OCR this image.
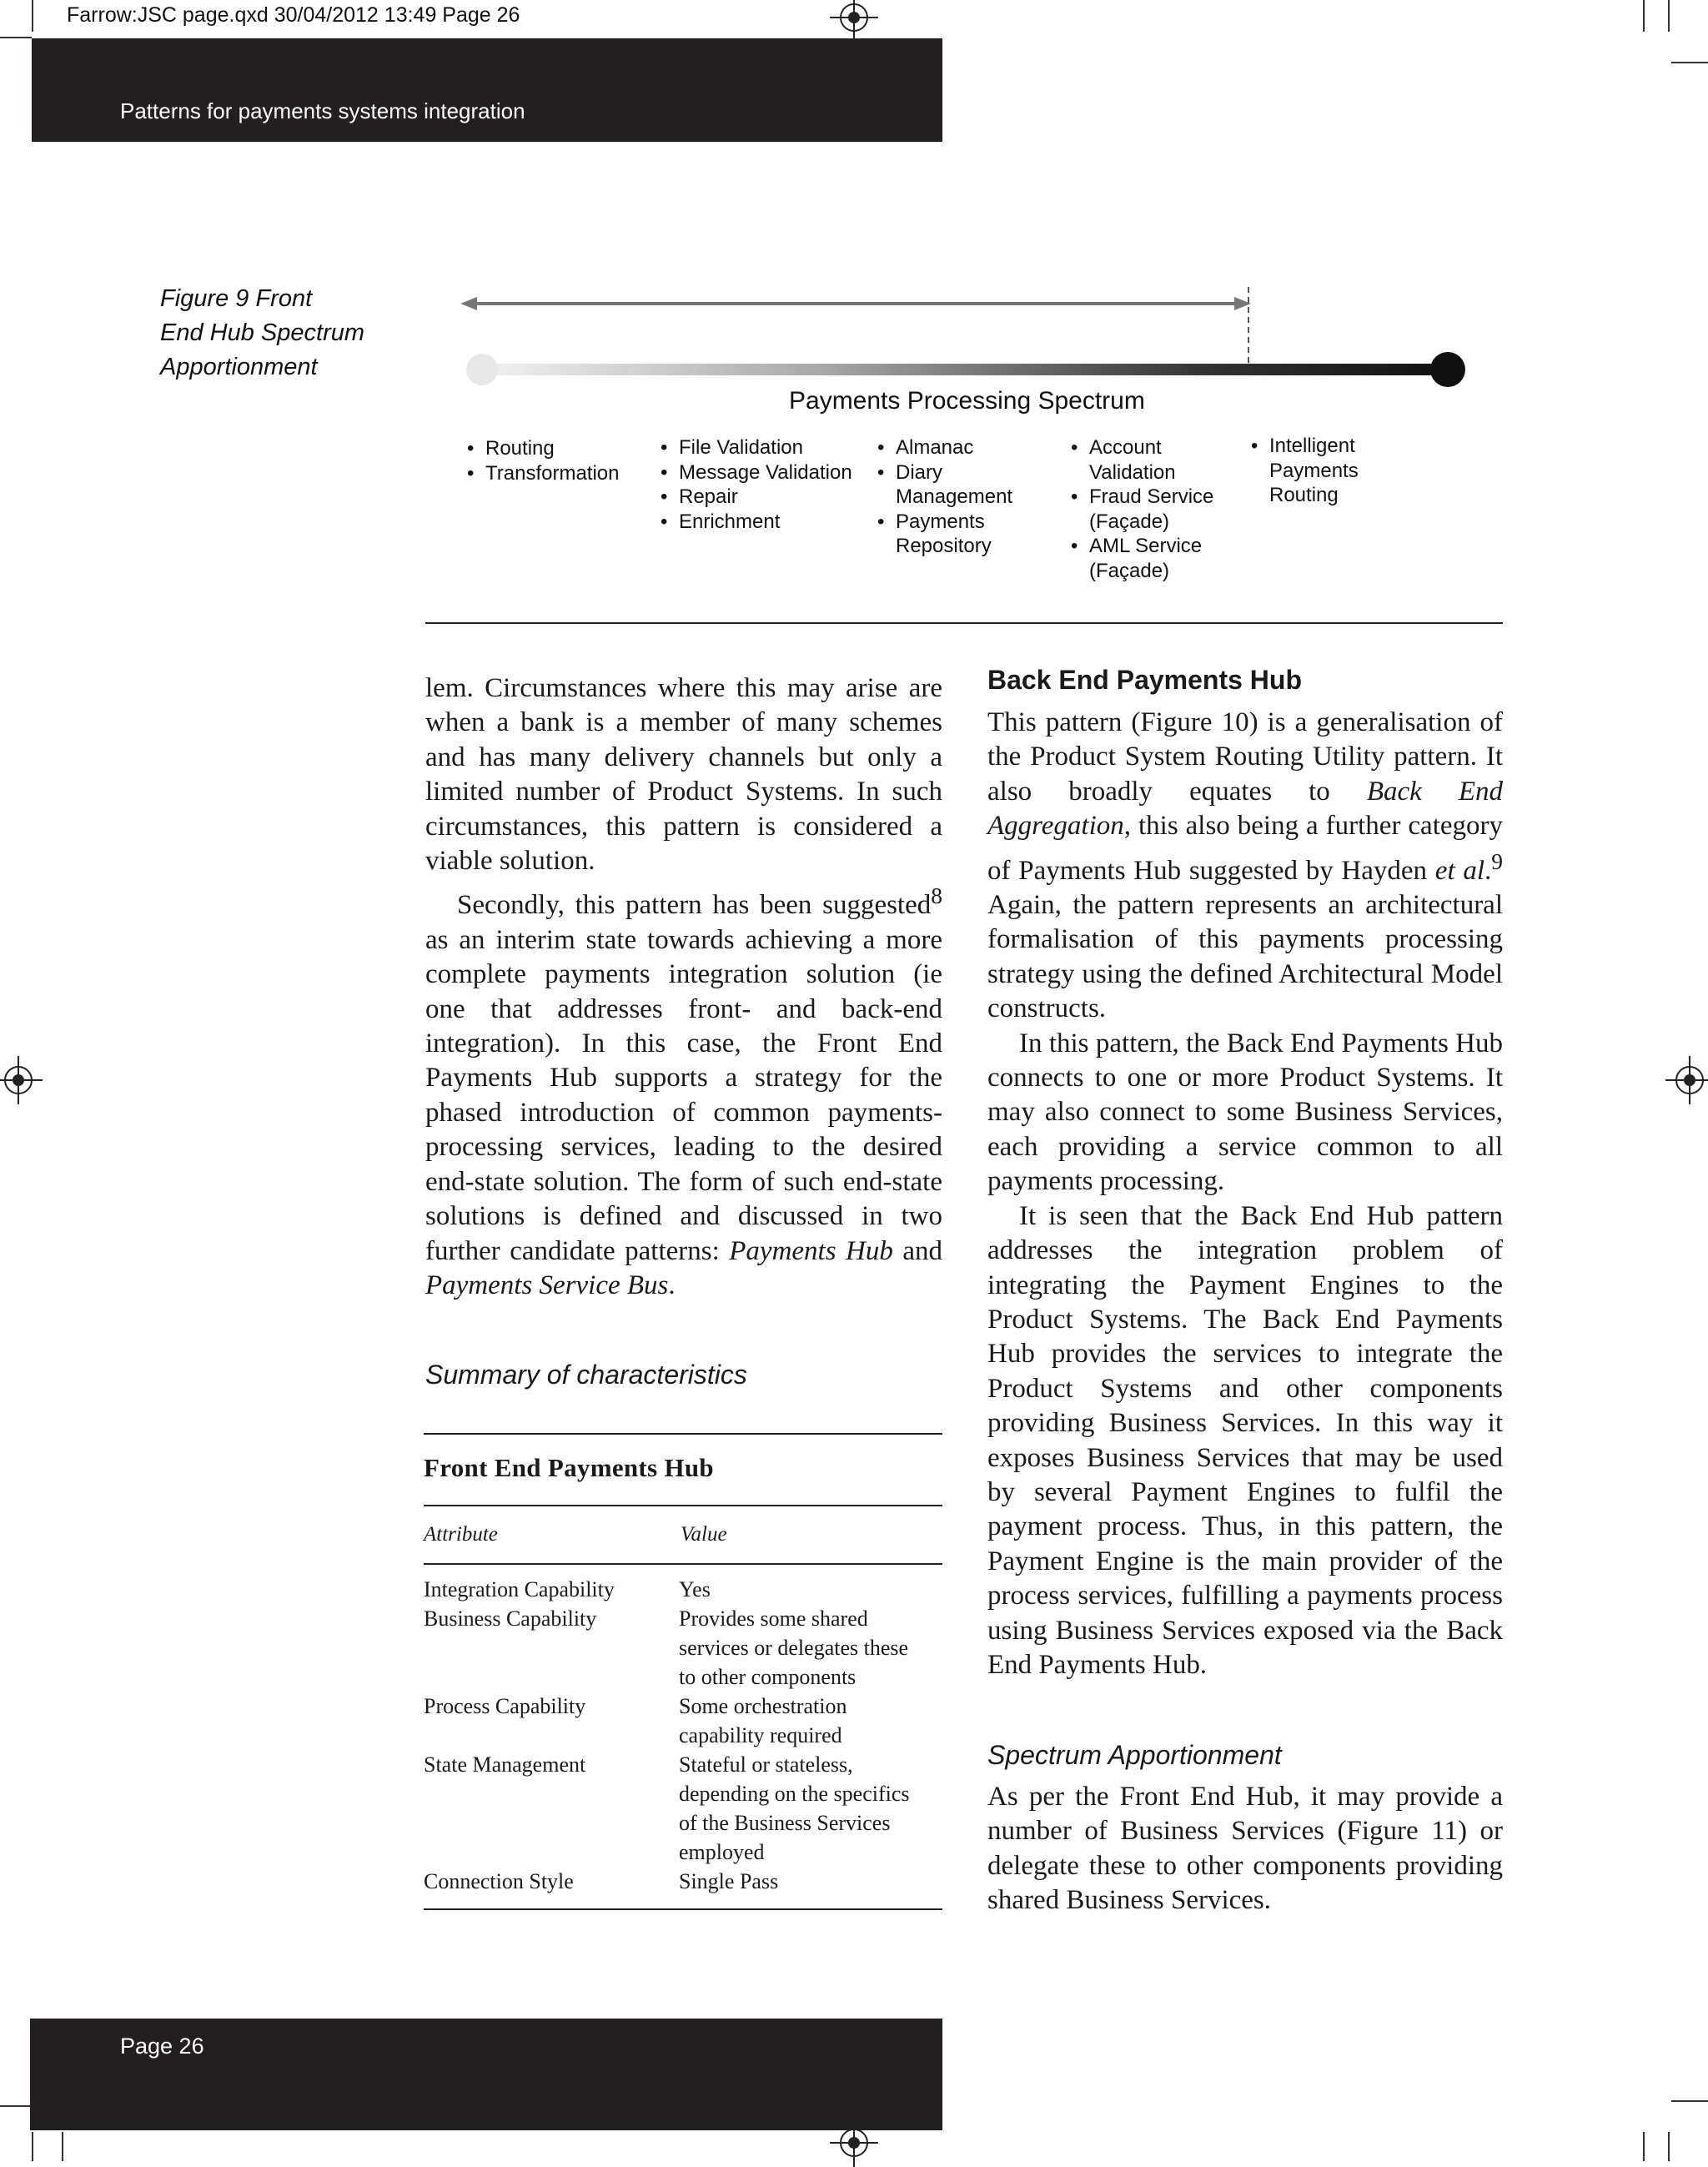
Farrow:JSC page.qxd 30/04/2012 13:49 Page 26
Patterns for payments systems integration
Figure 9 Front
End Hub Spectrum
Apportionment
Payments Processing Spectrum
• Routing
• Transformation
• File Validation
• Message Validation
• Repair
• Enrichment
• Almanac
• Diary
Management
• Payments
Repository
• Account
Validation
• Fraud Service
(Façade)
• AML Service
(Façade)
• Intelligent
Payments
Routing

lem. Circumstances where this may arise are when a bank is a member of many schemes and has many delivery channels but only a limited number of Product Systems. In such circumstances, this pattern is considered a viable solution.

Secondly, this pattern has been suggested$^8$ as an interim state towards achieving a more complete payments integration solution (ie one that addresses front- and back-end integration). In this case, the Front End Payments Hub supports a strategy for the phased introduction of common payments-processing services, leading to the desired end-state solution. The form of such end-state solutions is defined and discussed in two further candidate patterns: Payments Hub and Payments Service Bus.

Summary of characteristics
Front End Payments Hub
Attribute	Value
Integration Capability	Yes

Business Capability	Provides some shared
services or delegates these
to other components

Process Capability	Some orchestration
capability required

State Management	Stateful or stateless,
depending on the specifics
of the Business Services
employed

Connection Style	Single Pass
Back End Payments Hub

This pattern (Figure 10) is a generalisation of the Product System Routing Utility pattern. It also broadly equates to Back End Aggregation, this also being a further category of Payments Hub suggested by Hayden et al.$^9$ Again, the pattern represents an architectural formalisation of this payments processing strategy using the defined Architectural Model constructs.

In this pattern, the Back End Payments Hub connects to one or more Product Systems. It may also connect to some Business Services, each providing a service common to all payments processing.

It is seen that the Back End Hub pattern addresses the integration problem of integrating the Payment Engines to the Product Systems. The Back End Payments Hub provides the services to integrate the Product Systems and other components providing Business Services. In this way it exposes Business Services that may be used by several Payment Engines to fulfil the payment process. Thus, in this pattern, the Payment Engine is the main provider of the process services, fulfilling a payments process using Business Services exposed via the Back End Payments Hub.

Spectrum Apportionment

As per the Front End Hub, it may provide a number of Business Services (Figure 11) or delegate these to other components providing shared Business Services.

Page 26
